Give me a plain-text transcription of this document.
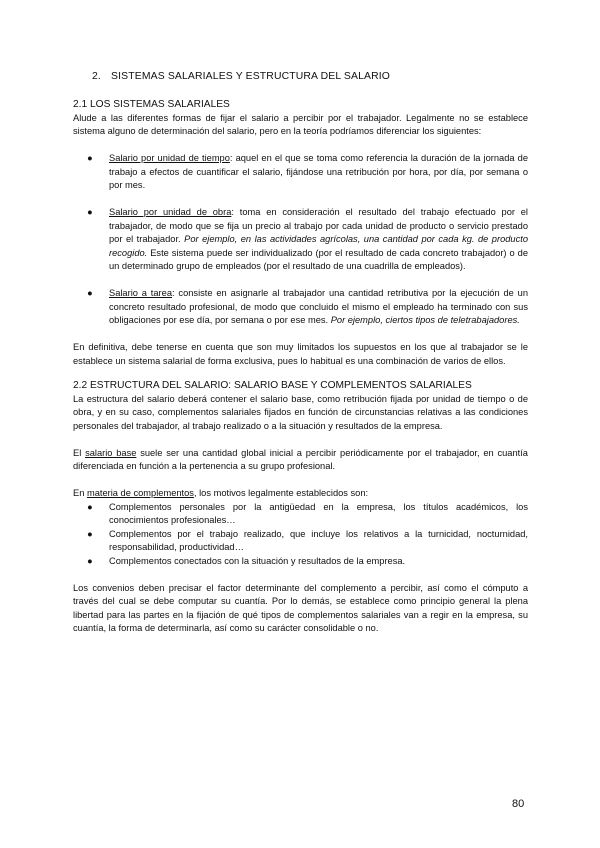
2. SISTEMAS SALARIALES Y ESTRUCTURA DEL SALARIO

2.1 LOS SISTEMAS SALARIALES

Alude a las diferentes formas de fijar el salario a percibir por el trabajador. Legalmente no se establece sistema alguno de determinación del salario, pero en la teoría podríamos diferenciar los siguientes:

● Salario por unidad de tiempo: aquel en el que se toma como referencia la duración de la jornada de trabajo a efectos de cuantificar el salario, fijándose una retribución por hora, por día, por semana o por mes.
● Salario por unidad de obra: toma en consideración el resultado del trabajo efectuado por el trabajador, de modo que se fija un precio al trabajo por cada unidad de producto o servicio prestado por el trabajador. Por ejemplo, en las actividades agrícolas, una cantidad por cada kg. de producto recogido. Este sistema puede ser individualizado (por el resultado de cada concreto trabajador) o de un determinado grupo de empleados (por el resultado de una cuadrilla de empleados).
● Salario a tarea: consiste en asignarle al trabajador una cantidad retributiva por la ejecución de un concreto resultado profesional, de modo que concluido el mismo el empleado ha terminado con sus obligaciones por ese día, por semana o por ese mes. Por ejemplo, ciertos tipos de teletrabajadores.

En definitiva, debe tenerse en cuenta que son muy limitados los supuestos en los que al trabajador se le establece un sistema salarial de forma exclusiva, pues lo habitual es una combinación de varios de ellos.

2.2 ESTRUCTURA DEL SALARIO: SALARIO BASE Y COMPLEMENTOS SALARIALES

La estructura del salario deberá contener el salario base, como retribución fijada por unidad de tiempo o de obra, y en su caso, complementos salariales fijados en función de circunstancias relativas a las condiciones personales del trabajador, al trabajo realizado o a la situación y resultados de la empresa.

El salario base suele ser una cantidad global inicial a percibir periódicamente por el trabajador, en cuantía diferenciada en función a la pertenencia a su grupo profesional.

En materia de complementos, los motivos legalmente establecidos son:

● Complementos personales por la antigüedad en la empresa, los títulos académicos, los conocimientos profesionales…
● Complementos por el trabajo realizado, que incluye los relativos a la turnicidad, nocturnidad, responsabilidad, productividad…
● Complementos conectados con la situación y resultados de la empresa.

Los convenios deben precisar el factor determinante del complemento a percibir, así como el cómputo a través del cual se debe computar su cuantía. Por lo demás, se establece como principio general la plena libertad para las partes en la fijación de qué tipos de complementos salariales van a regir en la empresa, su cuantía, la forma de determinarla, así como su carácter consolidable o no.

80
